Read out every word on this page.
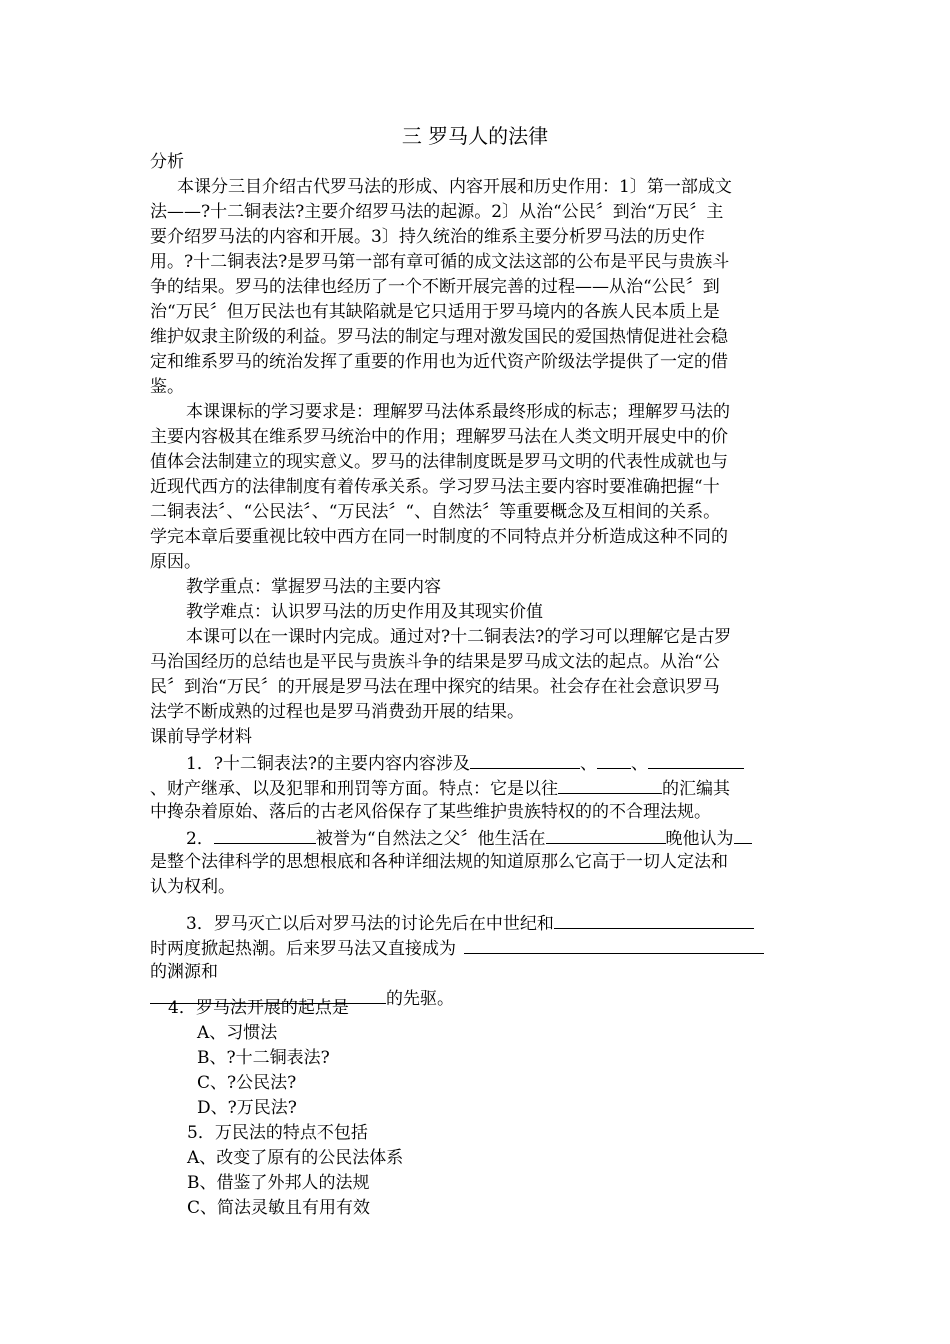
三 罗马人的法律
分析
本课分三目介绍古代罗马法的形成、内容开展和历史作用：1〕第一部成文
法——?十二铜表法?主要介绍罗马法的起源。2〕从治“公民〞到治“万民〞主
要介绍罗马法的内容和开展。3〕持久统治的维系主要分析罗马法的历史作
用。?十二铜表法?是罗马第一部有章可循的成文法这部的公布是平民与贵族斗
争的结果。罗马的法律也经历了一个不断开展完善的过程——从治“公民〞到
治“万民〞但万民法也有其缺陷就是它只适用于罗马境内的各族人民本质上是
维护奴隶主阶级的利益。罗马法的制定与理对激发国民的爱国热情促进社会稳
定和维系罗马的统治发挥了重要的作用也为近代资产阶级法学提供了一定的借
鉴。
本课课标的学习要求是：理解罗马法体系最终形成的标志；理解罗马法的
主要内容极其在维系罗马统治中的作用；理解罗马法在人类文明开展史中的价
值体会法制建立的现实意义。罗马的法律制度既是罗马文明的代表性成就也与
近现代西方的法律制度有着传承关系。学习罗马法主要内容时要准确把握“十
二铜表法〞、“公民法〞、“万民法〞“、自然法〞等重要概念及互相间的关系。
学完本章后要重视比较中西方在同一时制度的不同特点并分析造成这种不同的
原因。
教学重点：掌握罗马法的主要内容
教学难点：认识罗马法的历史作用及其现实价值
本课可以在一课时内完成。通过对?十二铜表法?的学习可以理解它是古罗
马治国经历的总结也是平民与贵族斗争的结果是罗马成文法的起点。从治“公
民〞到治“万民〞的开展是罗马法在理中探究的结果。社会存在社会意识罗马
法学不断成熟的过程也是罗马消费劲开展的结果。
课前导学材料
1．?十二铜表法?的主要内容内容涉及	、 、
、财产继承、以及犯罪和刑罚等方面。特点：它是以往	的汇编其
中搀杂着原始、落后的古老风俗保存了某些维护贵族特权的的不合理法规。
2．	被誉为“自然法之父〞他生活在	晚他认为
是整个法律科学的思想根底和各种详细法规的知道原那么它高于一切人定法和
认为权利。
3．罗马灭亡以后对罗马法的讨论先后在中世纪和
时两度掀起热潮。后来罗马法又直接成为
的渊源和
的先驱。
4．罗马法开展的起点是
A、习惯法
B、?十二铜表法?
C、?公民法?
D、?万民法?
5．万民法的特点不包括
A、改变了原有的公民法体系
B、借鉴了外邦人的法规
C、简法灵敏且有用有效
